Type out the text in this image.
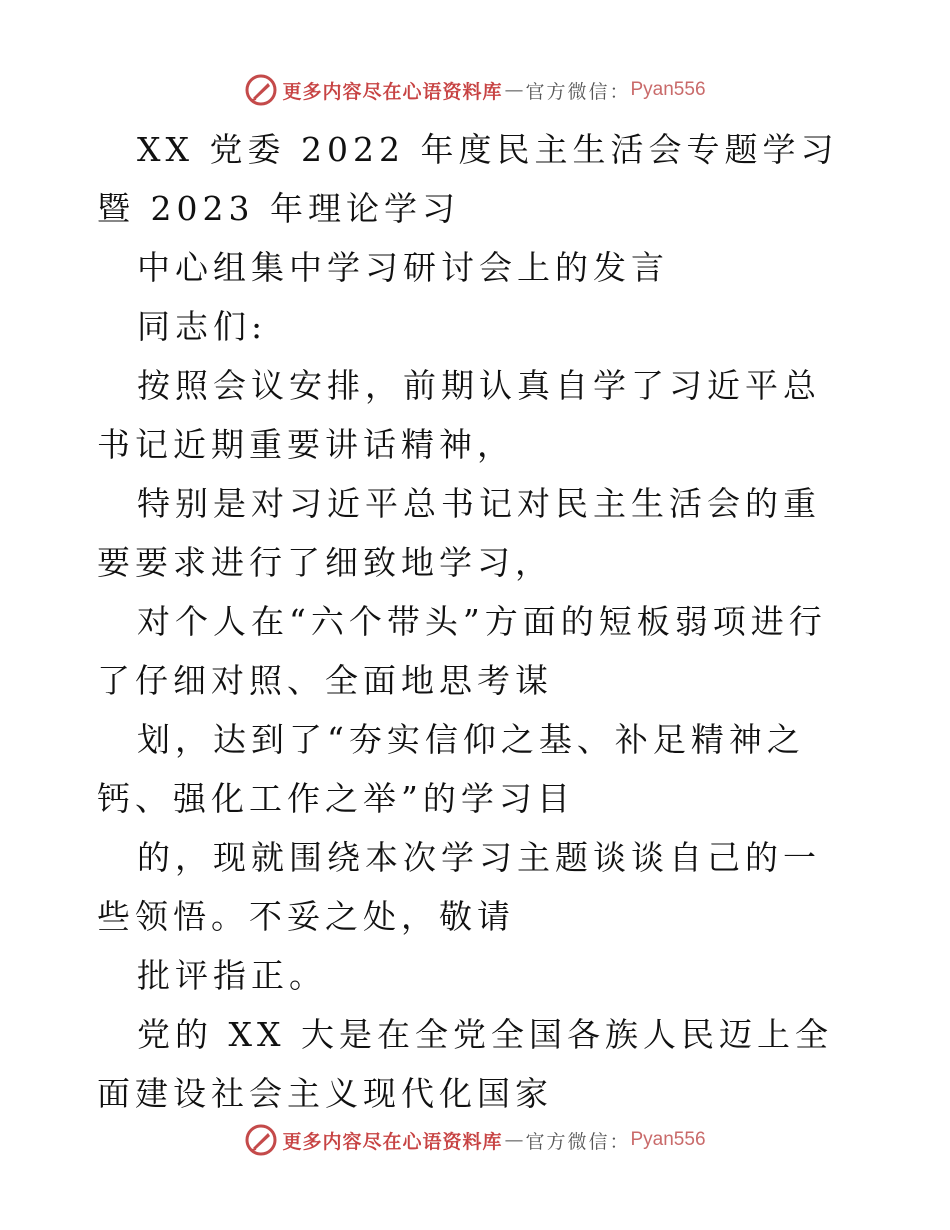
更多内容尽在心语资料库 — 官方微信： Pyan556

XX 党委 2022 年度民主生活会专题学习暨 2023 年理论学习

中心组集中学习研讨会上的发言

同志们:

按照会议安排，前期认真自学了习近平总书记近期重要讲话精神，

特别是对习近平总书记对民主生活会的重要要求进行了细致地学习，

对个人在“六个带头”方面的短板弱项进行了仔细对照、全面地思考谋

划，达到了“夯实信仰之基、补足精神之钙、强化工作之举”的学习目

的，现就围绕本次学习主题谈谈自己的一些领悟。不妥之处，敬请

批评指正。

党的 XX 大是在全党全国各族人民迈上全面建设社会主义现代化国家

更多内容尽在心语资料库 — 官方微信： Pyan556
